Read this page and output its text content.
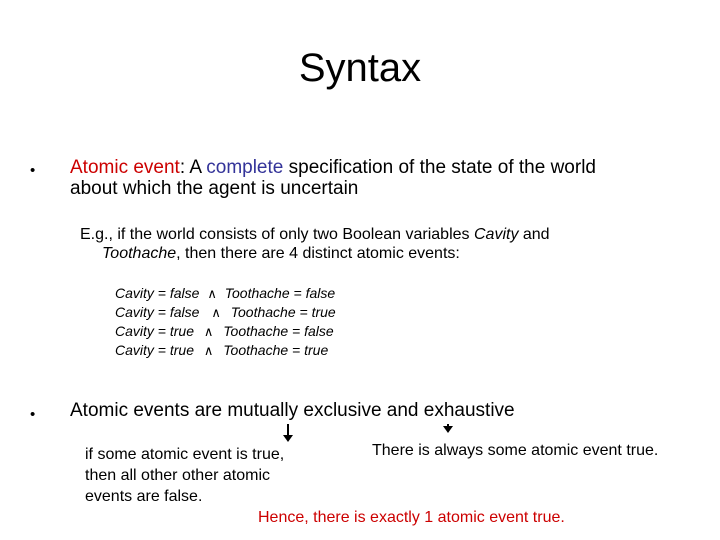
Syntax
• Atomic event: A complete specification of the state of the world
about which the agent is uncertain
E.g., if the world consists of only two Boolean variables Cavity and
Toothache, then there are 4 distinct atomic events:
Cavity = false ∧ Toothache = false
Cavity = false ∧ Toothache = true
Cavity = true ∧ Toothache = false
Cavity = true ∧ Toothache = true
• Atomic events are mutually exclusive and exhaustive
if some atomic event is true,
then all other other atomic
events are false.
There is always some atomic event true.
Hence, there is exactly 1 atomic event true.
